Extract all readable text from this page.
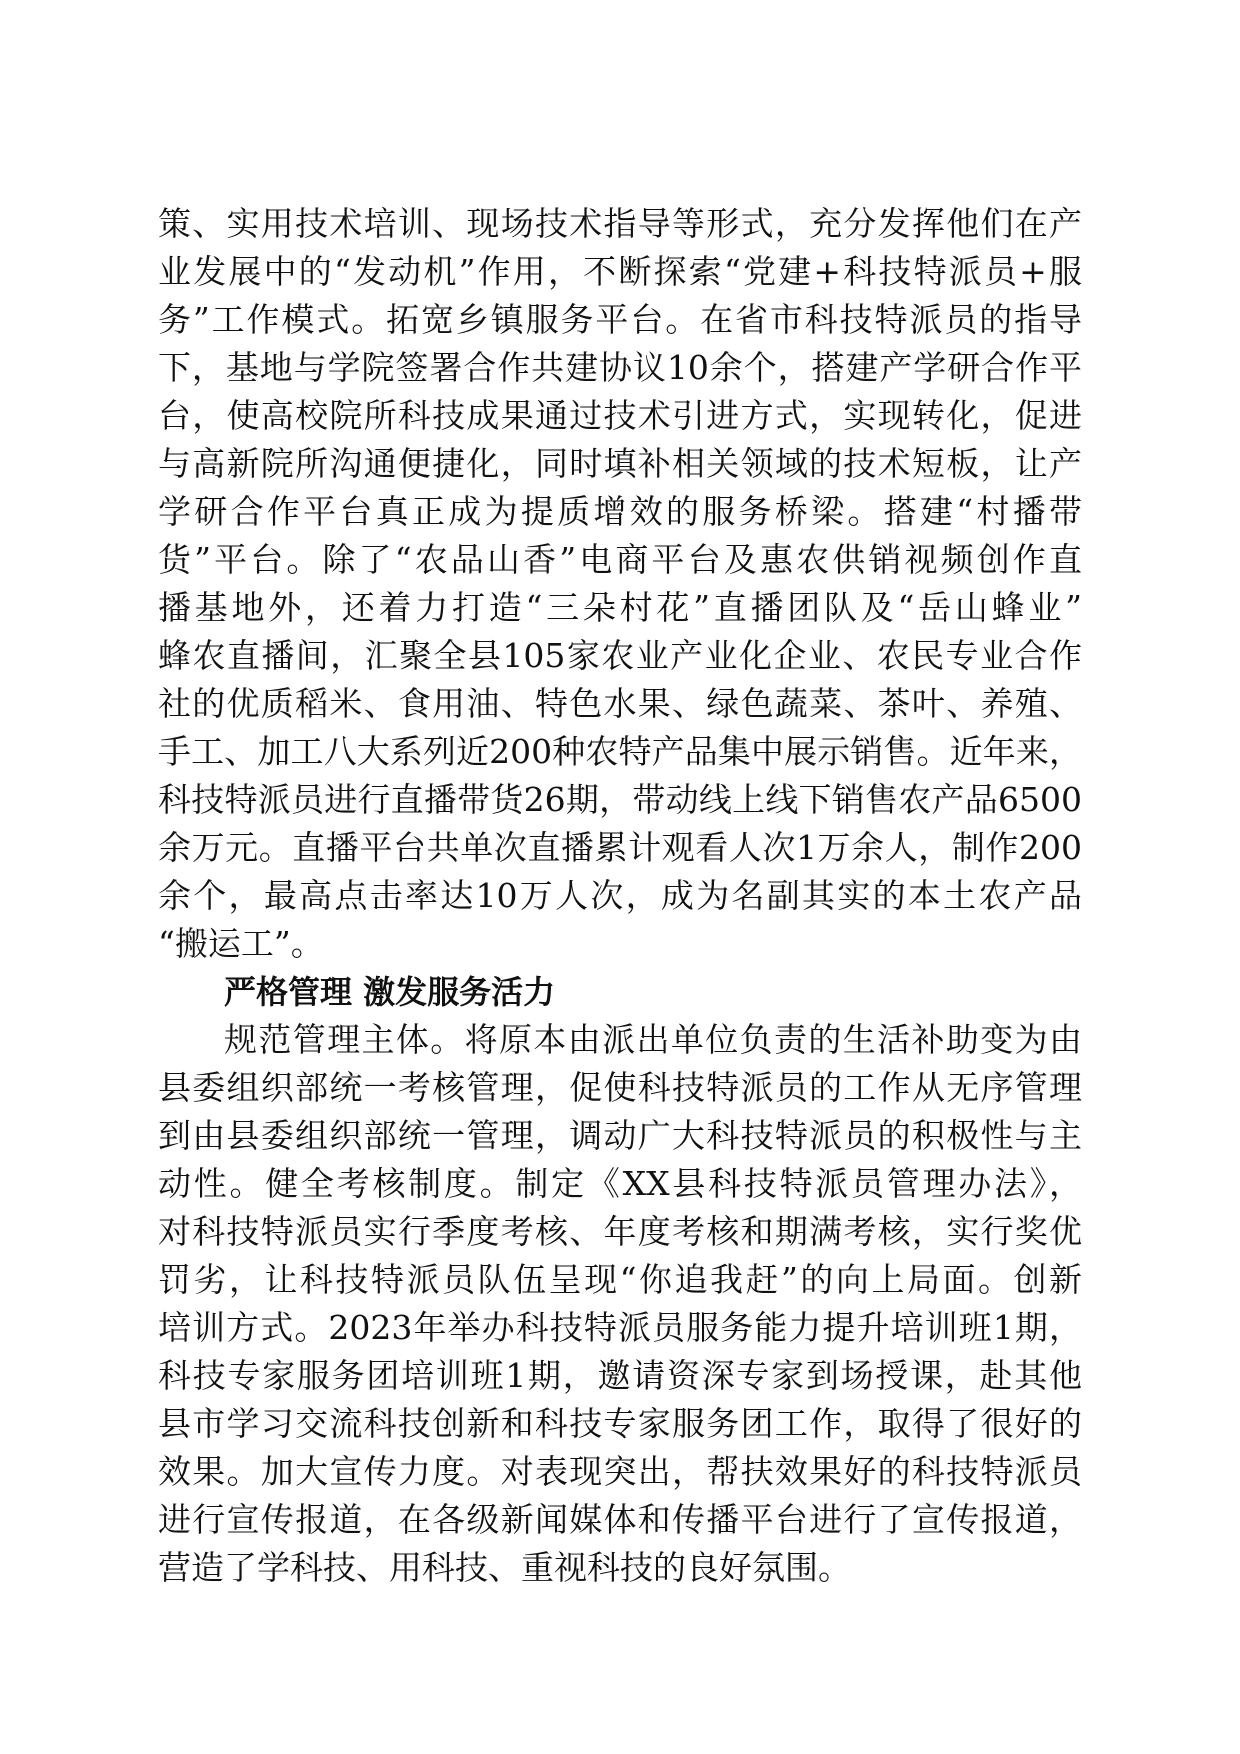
策、实用技术培训、现场技术指导等形式，充分发挥他们在产
业发展中的“发动机”作用，不断探索“党建+科技特派员+服
务”工作模式。拓宽乡镇服务平台。在省市科技特派员的指导
下，基地与学院签署合作共建协议10余个，搭建产学研合作平
台，使高校院所科技成果通过技术引进方式，实现转化，促进
与高新院所沟通便捷化，同时填补相关领域的技术短板，让产
学研合作平台真正成为提质增效的服务桥梁。搭建“村播带
货”平台。除了“农品山香”电商平台及惠农供销视频创作直
播基地外，还着力打造“三朵村花”直播团队及“岳山蜂业”
蜂农直播间，汇聚全县105家农业产业化企业、农民专业合作
社的优质稻米、食用油、特色水果、绿色蔬菜、茶叶、养殖、
手工、加工八大系列近200种农特产品集中展示销售。近年来，
科技特派员进行直播带货26期，带动线上线下销售农产品6500
余万元。直播平台共单次直播累计观看人次1万余人，制作200
余个，最高点击率达10万人次，成为名副其实的本土农产品
“搬运工”。
严格管理 激发服务活力
规范管理主体。将原本由派出单位负责的生活补助变为由
县委组织部统一考核管理，促使科技特派员的工作从无序管理
到由县委组织部统一管理，调动广大科技特派员的积极性与主
动性。健全考核制度。制定《XX县科技特派员管理办法》，
对科技特派员实行季度考核、年度考核和期满考核，实行奖优
罚劣，让科技特派员队伍呈现“你追我赶”的向上局面。创新
培训方式。2023年举办科技特派员服务能力提升培训班1期，
科技专家服务团培训班1期，邀请资深专家到场授课，赴其他
县市学习交流科技创新和科技专家服务团工作，取得了很好的
效果。加大宣传力度。对表现突出，帮扶效果好的科技特派员
进行宣传报道，在各级新闻媒体和传播平台进行了宣传报道，
营造了学科技、用科技、重视科技的良好氛围。
